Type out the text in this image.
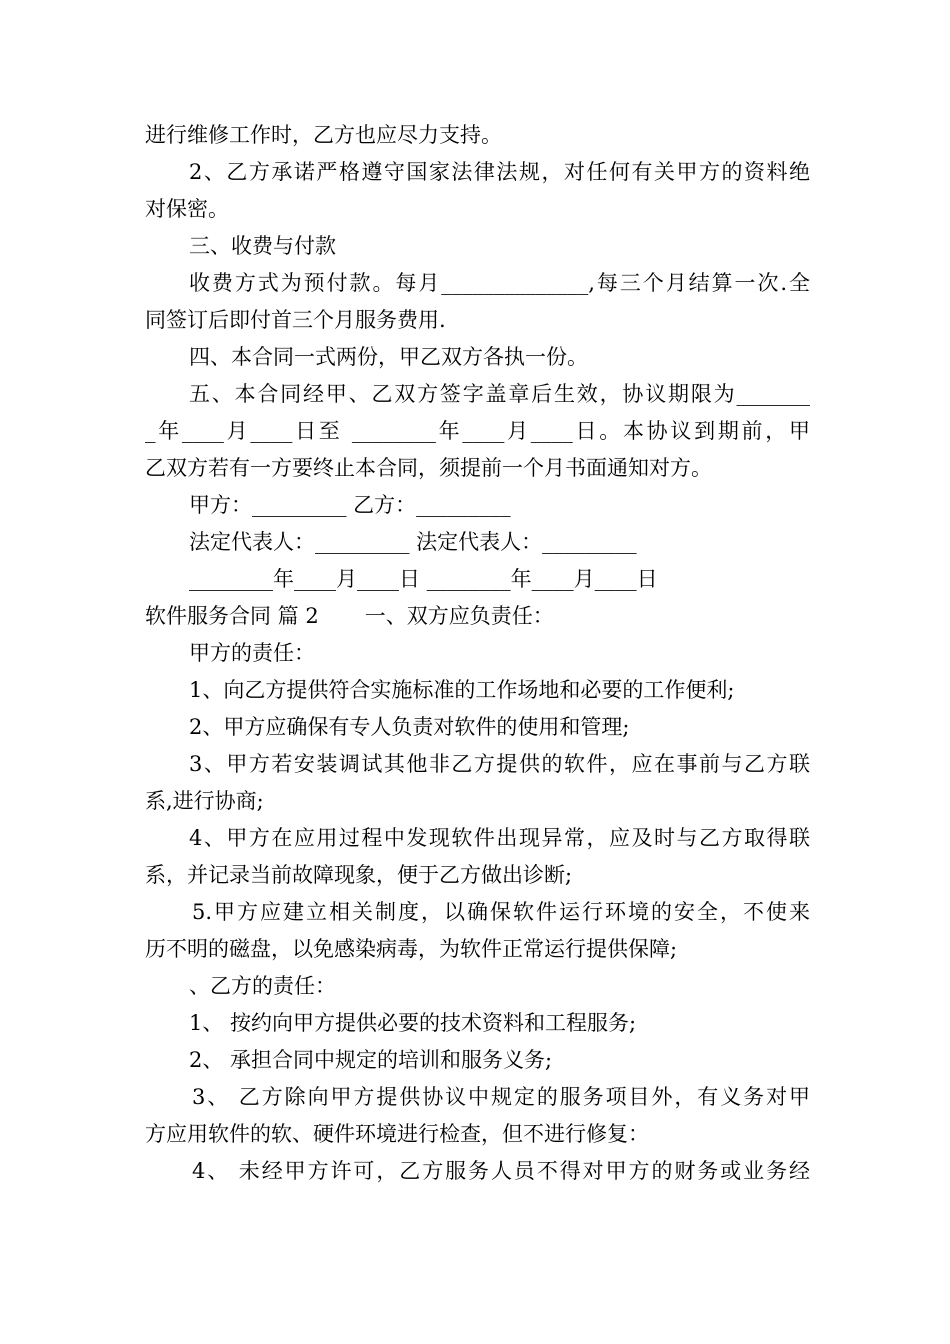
进行维修工作时，乙方也应尽力支持。
2、乙方承诺严格遵守国家法律法规，对任何有关甲方的资料绝
对保密。
三、收费与付款
收费方式为预付款。每月______________,每三个月结算一次.全
同签订后即付首三个月服务费用.
四、本合同一式两份，甲乙双方各执一份。
五、本合同经甲、乙双方签字盖章后生效，协议期限为_______
_年____月____日至 ________年____月____日。本协议到期前，甲
乙双方若有一方要终止本合同，须提前一个月书面通知对方。
甲方：_________ 乙方：_________
法定代表人：_________ 法定代表人：_________
________年____月____日 ________年____月____日
软件服务合同 篇 2 一、双方应负责任：
甲方的责任：
1、向乙方提供符合实施标准的工作场地和必要的工作便利;
2、甲方应确保有专人负责对软件的使用和管理;
3、甲方若安装调试其他非乙方提供的软件，应在事前与乙方联
系,进行协商;
4、甲方在应用过程中发现软件出现异常，应及时与乙方取得联
系，并记录当前故障现象，便于乙方做出诊断;
5.甲方应建立相关制度，以确保软件运行环境的安全，不使来
历不明的磁盘，以免感染病毒，为软件正常运行提供保障;
、乙方的责任：
1、 按约向甲方提供必要的技术资料和工程服务;
2、 承担合同中规定的培训和服务义务;
3、 乙方除向甲方提供协议中规定的服务项目外，有义务对甲
方应用软件的软、硬件环境进行检查，但不进行修复：
4、 未经甲方许可，乙方服务人员不得对甲方的财务或业务经
